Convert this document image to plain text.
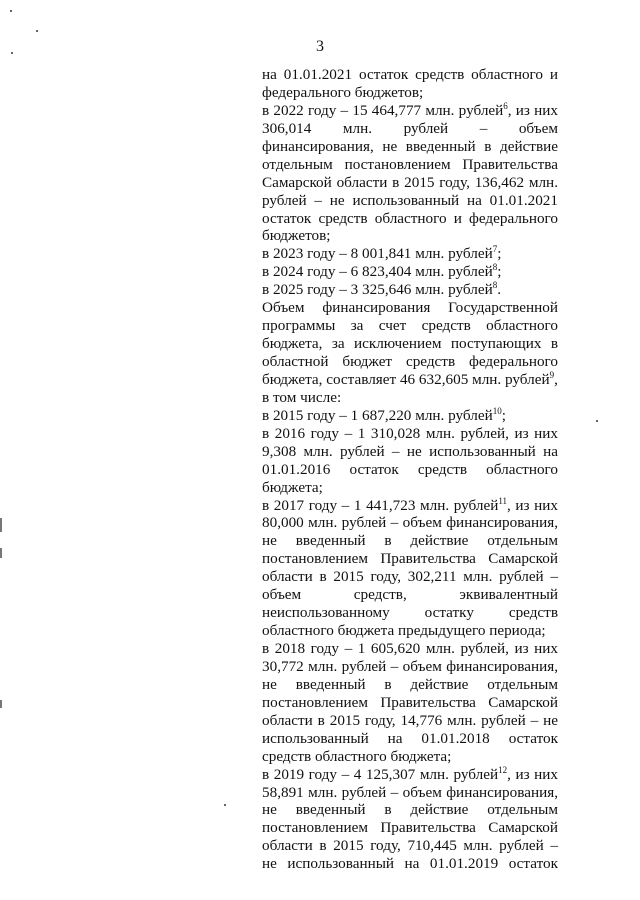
3
на 01.01.2021 остаток средств областного и
федерального бюджетов;
в 2022 году – 15 464,777 млн. рублей$^6$, из них
306,014 млн. рублей – объем
финансирования, не введенный в действие
отдельным постановлением Правительства
Самарской области в 2015 году, 136,462 млн.
рублей – не использованный на 01.01.2021
остаток средств областного и федерального
бюджетов;
в 2023 году – 8 001,841 млн. рублей$^7$;
в 2024 году – 6 823,404 млн. рублей$^8$;
в 2025 году – 3 325,646 млн. рублей$^8$.
Объем финансирования Государственной
программы за счет средств областного
бюджета, за исключением поступающих в
областной бюджет средств федерального
бюджета, составляет 46 632,605 млн. рублей$^9$,
в том числе:
в 2015 году – 1 687,220 млн. рублей$^{10}$;
в 2016 году – 1 310,028 млн. рублей, из них
9,308 млн. рублей – не использованный на
01.01.2016 остаток средств областного
бюджета;
в 2017 году – 1 441,723 млн. рублей$^{11}$, из них
80,000 млн. рублей – объем финансирования,
не введенный в действие отдельным
постановлением Правительства Самарской
области в 2015 году, 302,211 млн. рублей –
объем средств, эквивалентный
неиспользованному остатку средств
областного бюджета предыдущего периода;
в 2018 году – 1 605,620 млн. рублей, из них
30,772 млн. рублей – объем финансирования,
не введенный в действие отдельным
постановлением Правительства Самарской
области в 2015 году, 14,776 млн. рублей – не
использованный на 01.01.2018 остаток
средств областного бюджета;
в 2019 году – 4 125,307 млн. рублей$^{12}$, из них
58,891 млн. рублей – объем финансирования,
не введенный в действие отдельным
постановлением Правительства Самарской
области в 2015 году, 710,445 млн. рублей –
не использованный на 01.01.2019 остаток
